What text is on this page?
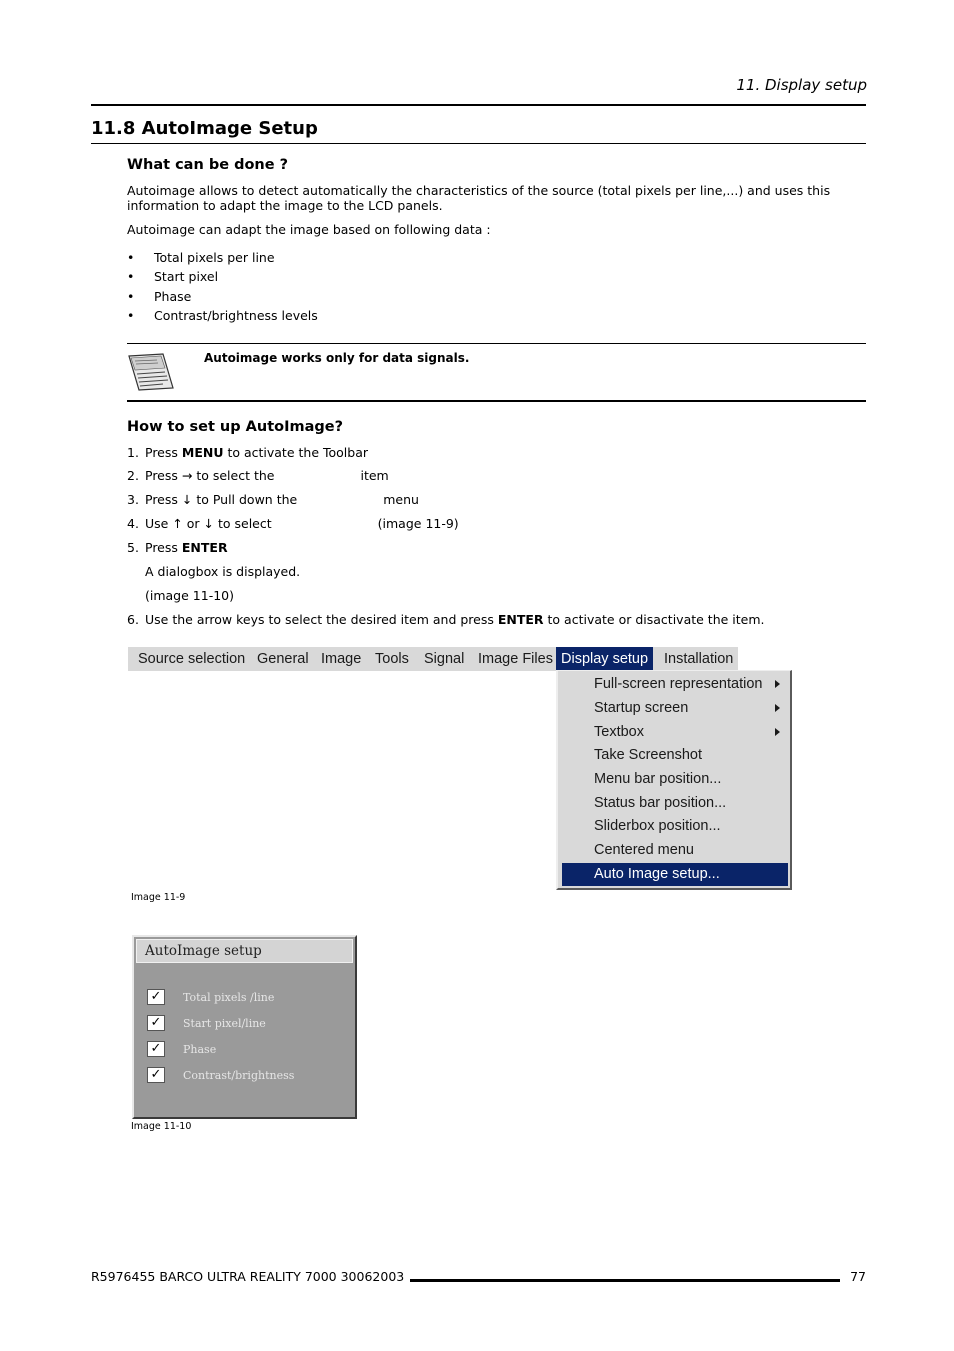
11. Display setup
11.8 AutoImage Setup
What can be done ?
Autoimage allows to detect automatically the characteristics of the source (total pixels per line,...) and uses this information to adapt the image to the LCD panels.
Autoimage can adapt the image based on following data :
• Total pixels per line
• Start pixel
• Phase
• Contrast/brightness levels
Autoimage works only for data signals.
How to set up AutoImage?
1. Press MENU to activate the Toolbar
2. Press → to select the	item
3. Press ↓ to Pull down the	menu
4. Use ↑ or ↓ to select	(image 11-9)
5. Press ENTER
A dialogbox is displayed.
(image 11-10)
6. Use the arrow keys to select the desired item and press ENTER to activate or disactivate the item.
Source selection General Image Tools Signal Image Files Display setup	Installation
Full-screen representation
Startup screen
Textbox
Take Screenshot
Menu bar position...
Status bar position...
Sliderbox position...
Centered menu
Auto Image setup...
Image 11-9
AutoImage setup
✓	Total pixels /line
✓	Start pixel/line
✓	Phase
✓	Contrast/brightness
Image 11-10
R5976455 BARCO ULTRA REALITY 7000 30062003	77
